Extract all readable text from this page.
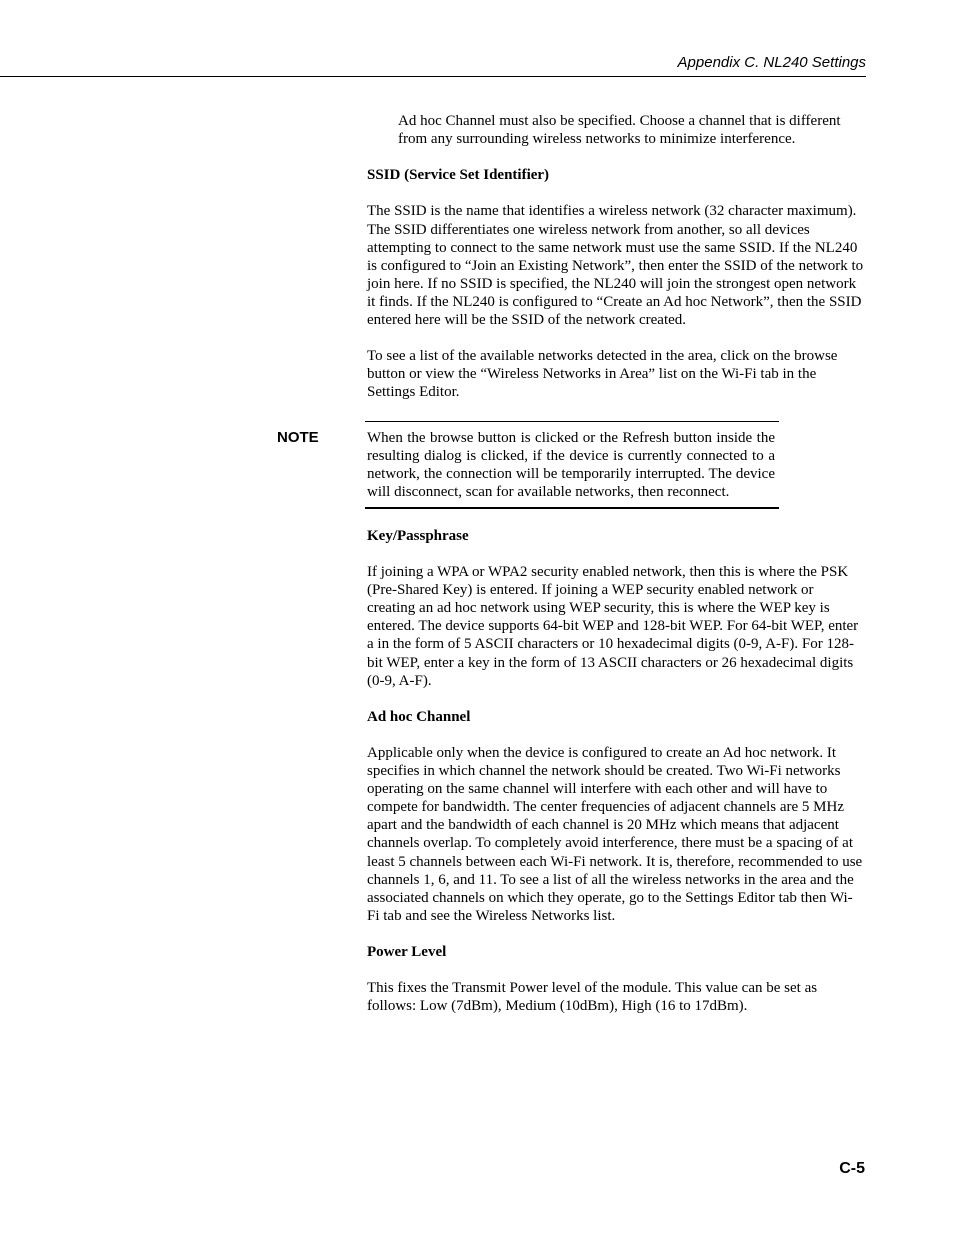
Appendix C. NL240 Settings

Ad hoc Channel must also be specified. Choose a channel that is different from any surrounding wireless networks to minimize interference.

SSID (Service Set Identifier)

The SSID is the name that identifies a wireless network (32 character maximum). The SSID differentiates one wireless network from another, so all devices attempting to connect to the same network must use the same SSID. If the NL240 is configured to “Join an Existing Network”, then enter the SSID of the network to join here. If no SSID is specified, the NL240 will join the strongest open network it finds. If the NL240 is configured to “Create an Ad hoc Network”, then the SSID entered here will be the SSID of the network created.

To see a list of the available networks detected in the area, click on the browse button or view the “Wireless Networks in Area” list on the Wi-Fi tab in the Settings Editor.

NOTE	When the browse button is clicked or the Refresh button inside the resulting dialog is clicked, if the device is currently connected to a network, the connection will be temporarily interrupted. The device will disconnect, scan for available networks, then reconnect.

Key/Passphrase

If joining a WPA or WPA2 security enabled network, then this is where the PSK (Pre-Shared Key) is entered. If joining a WEP security enabled network or creating an ad hoc network using WEP security, this is where the WEP key is entered. The device supports 64-bit WEP and 128-bit WEP. For 64-bit WEP, enter a in the form of 5 ASCII characters or 10 hexadecimal digits (0-9, A-F). For 128-bit WEP, enter a key in the form of 13 ASCII characters or 26 hexadecimal digits (0-9, A-F).

Ad hoc Channel

Applicable only when the device is configured to create an Ad hoc network. It specifies in which channel the network should be created. Two Wi-Fi networks operating on the same channel will interfere with each other and will have to compete for bandwidth. The center frequencies of adjacent channels are 5 MHz apart and the bandwidth of each channel is 20 MHz which means that adjacent channels overlap. To completely avoid interference, there must be a spacing of at least 5 channels between each Wi-Fi network. It is, therefore, recommended to use channels 1, 6, and 11. To see a list of all the wireless networks in the area and the associated channels on which they operate, go to the Settings Editor tab then Wi-Fi tab and see the Wireless Networks list.

Power Level

This fixes the Transmit Power level of the module. This value can be set as follows: Low (7dBm), Medium (10dBm), High (16 to 17dBm).

C-5
